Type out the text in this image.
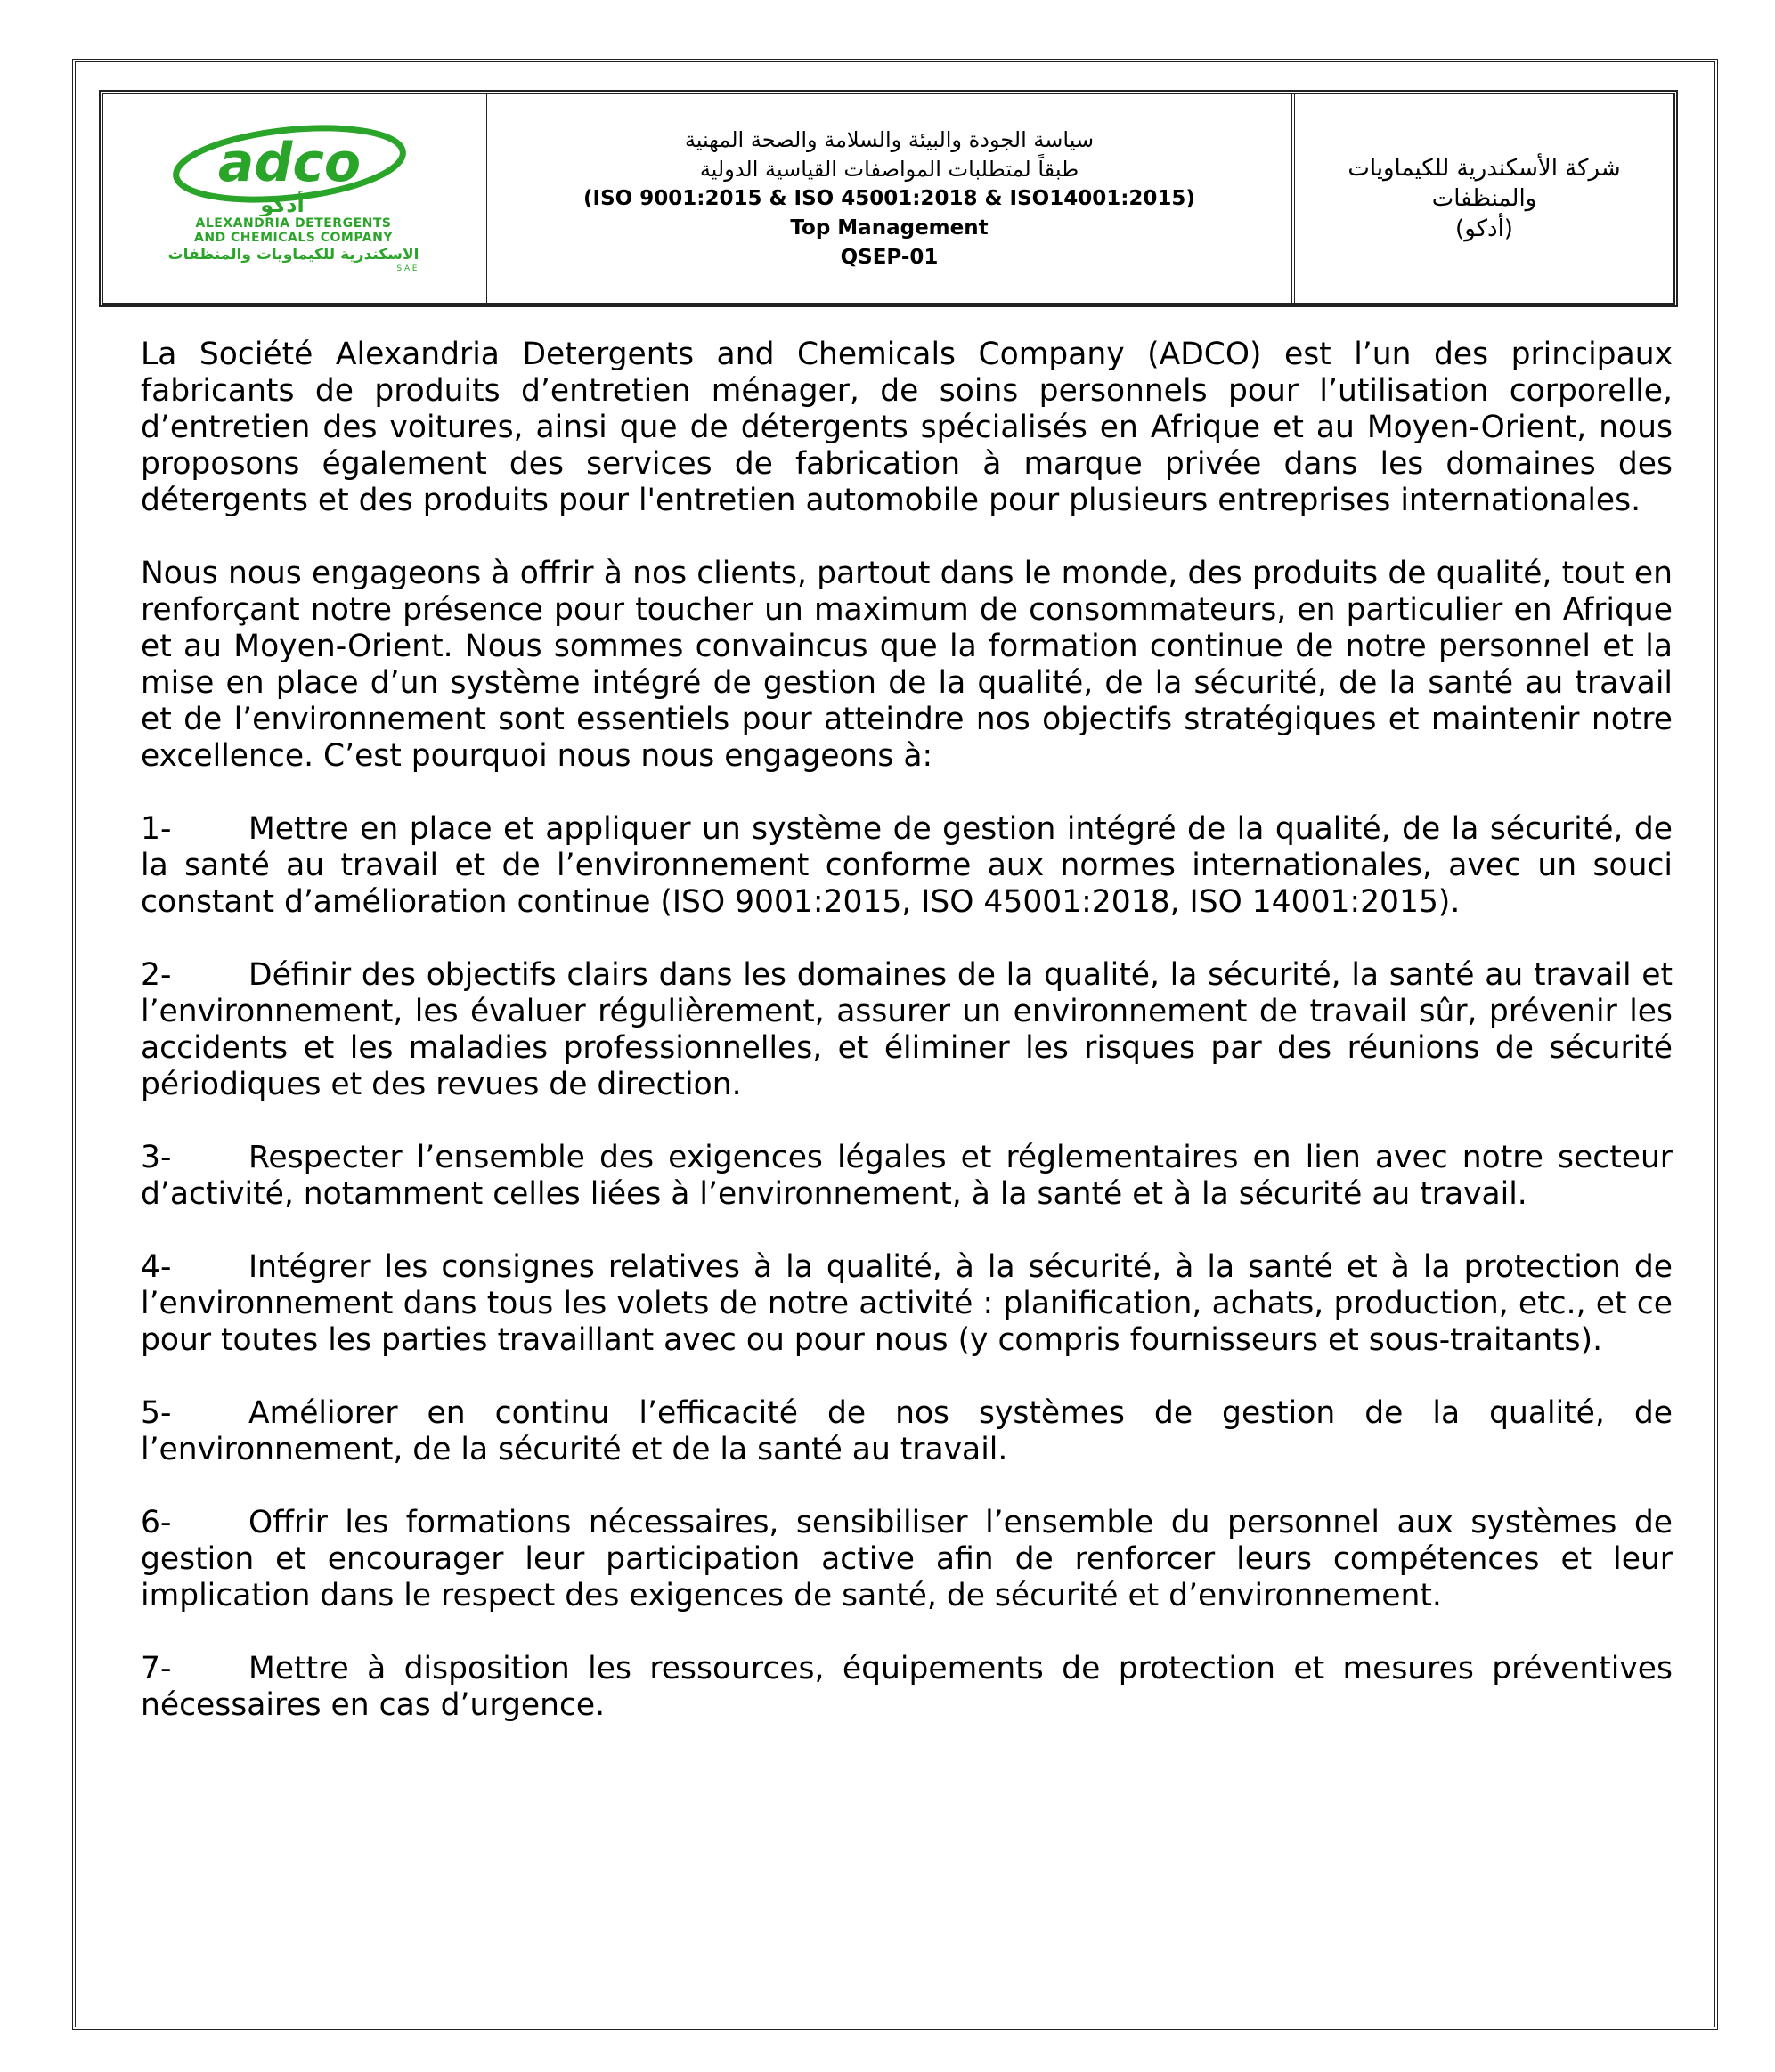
adco
أدكو
ALEXANDRIA DETERGENTS
AND CHEMICALS COMPANY
الاسكندرية للكيماويات والمنظفات
S.A.E
سياسة الجودة والبيئة والسلامة والصحة المهنية
طبقاً لمتطلبات المواصفات القياسية الدولية
(ISO 9001:2015 & ISO 45001:2018 & ISO14001:2015)
Top Management
QSEP-01
شركة الأسكندرية للكيماويات
والمنظفات
(أدكو)

La Société Alexandria Detergents and Chemicals Company (ADCO) est l’un des principaux fabricants de produits d’entretien ménager, de soins personnels pour l’utilisation corporelle, d’entretien des voitures, ainsi que de détergents spécialisés en Afrique et au Moyen-Orient, nous proposons également des services de fabrication à marque privée dans les domaines des détergents et des produits pour l'entretien automobile pour plusieurs entreprises internationales.

Nous nous engageons à offrir à nos clients, partout dans le monde, des produits de qualité, tout en renforçant notre présence pour toucher un maximum de consommateurs, en particulier en Afrique et au Moyen-Orient. Nous sommes convaincus que la formation continue de notre personnel et la mise en place d’un système intégré de gestion de la qualité, de la sécurité, de la santé au travail et de l’environnement sont essentiels pour atteindre nos objectifs stratégiques et maintenir notre excellence. C’est pourquoi nous nous engageons à:

1-	Mettre en place et appliquer un système de gestion intégré de la qualité, de la sécurité, de la santé au travail et de l’environnement conforme aux normes internationales, avec un souci constant d’amélioration continue (ISO 9001:2015, ISO 45001:2018, ISO 14001:2015).

2-	Définir des objectifs clairs dans les domaines de la qualité, la sécurité, la santé au travail et l’environnement, les évaluer régulièrement, assurer un environnement de travail sûr, prévenir les accidents et les maladies professionnelles, et éliminer les risques par des réunions de sécurité périodiques et des revues de direction.

3-	Respecter l’ensemble des exigences légales et réglementaires en lien avec notre secteur d’activité, notamment celles liées à l’environnement, à la santé et à la sécurité au travail.

4-	Intégrer les consignes relatives à la qualité, à la sécurité, à la santé et à la protection de l’environnement dans tous les volets de notre activité : planification, achats, production, etc., et ce pour toutes les parties travaillant avec ou pour nous (y compris fournisseurs et sous-traitants).

5-	Améliorer en continu l’efficacité de nos systèmes de gestion de la qualité, de l’environnement, de la sécurité et de la santé au travail.

6-	Offrir les formations nécessaires, sensibiliser l’ensemble du personnel aux systèmes de gestion et encourager leur participation active afin de renforcer leurs compétences et leur implication dans le respect des exigences de santé, de sécurité et d’environnement.

7-	Mettre à disposition les ressources, équipements de protection et mesures préventives nécessaires en cas d’urgence.
